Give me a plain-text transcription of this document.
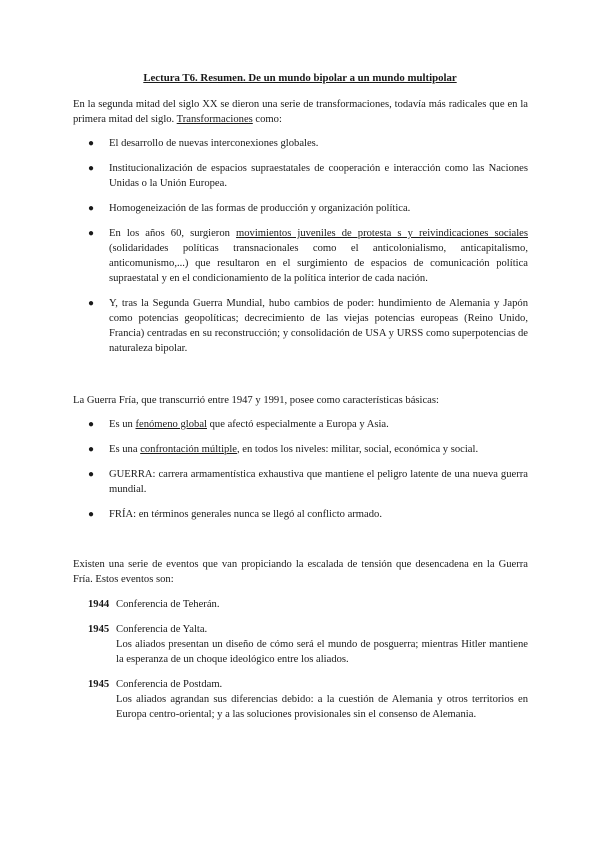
Lectura T6. Resumen. De un mundo bipolar a un mundo multipolar

En la segunda mitad del siglo XX se dieron una serie de transformaciones, todavía más radicales que en la primera mitad del siglo. Transformaciones como:

● El desarrollo de nuevas interconexiones globales.
● Institucionalización de espacios supraestatales de cooperación e interacción como las Naciones Unidas o la Unión Europea.
● Homogeneización de las formas de producción y organización política.
● En los años 60, surgieron movimientos juveniles de protesta s y reivindicaciones sociales (solidaridades políticas transnacionales como el anticolonialismo, anticapitalismo, anticomunismo,...) que resultaron en el surgimiento de espacios de comunicación política supraestatal y en el condicionamiento de la política interior de cada nación.
● Y, tras la Segunda Guerra Mundial, hubo cambios de poder: hundimiento de Alemania y Japón como potencias geopolíticas; decrecimiento de las viejas potencias europeas (Reino Unido, Francia) centradas en su reconstrucción; y consolidación de USA y URSS como superpotencias de naturaleza bipolar.

La Guerra Fría, que transcurrió entre 1947 y 1991, posee como características básicas:

● Es un fenómeno global que afectó especialmente a Europa y Asia.
● Es una confrontación múltiple, en todos los niveles: militar, social, económica y social.
● GUERRA: carrera armamentística exhaustiva que mantiene el peligro latente de una nueva guerra mundial.
● FRÍA: en términos generales nunca se llegó al conflicto armado.

Existen una serie de eventos que van propiciando la escalada de tensión que desencadena en la Guerra Fría. Estos eventos son:

1944 Conferencia de Teherán.
1945 Conferencia de Yalta.
Los aliados presentan un diseño de cómo será el mundo de posguerra; mientras Hitler mantiene la esperanza de un choque ideológico entre los aliados.
1945 Conferencia de Postdam.
Los aliados agrandan sus diferencias debido: a la cuestión de Alemania y otros territorios en Europa centro-oriental; y a las soluciones provisionales sin el consenso de Alemania.
